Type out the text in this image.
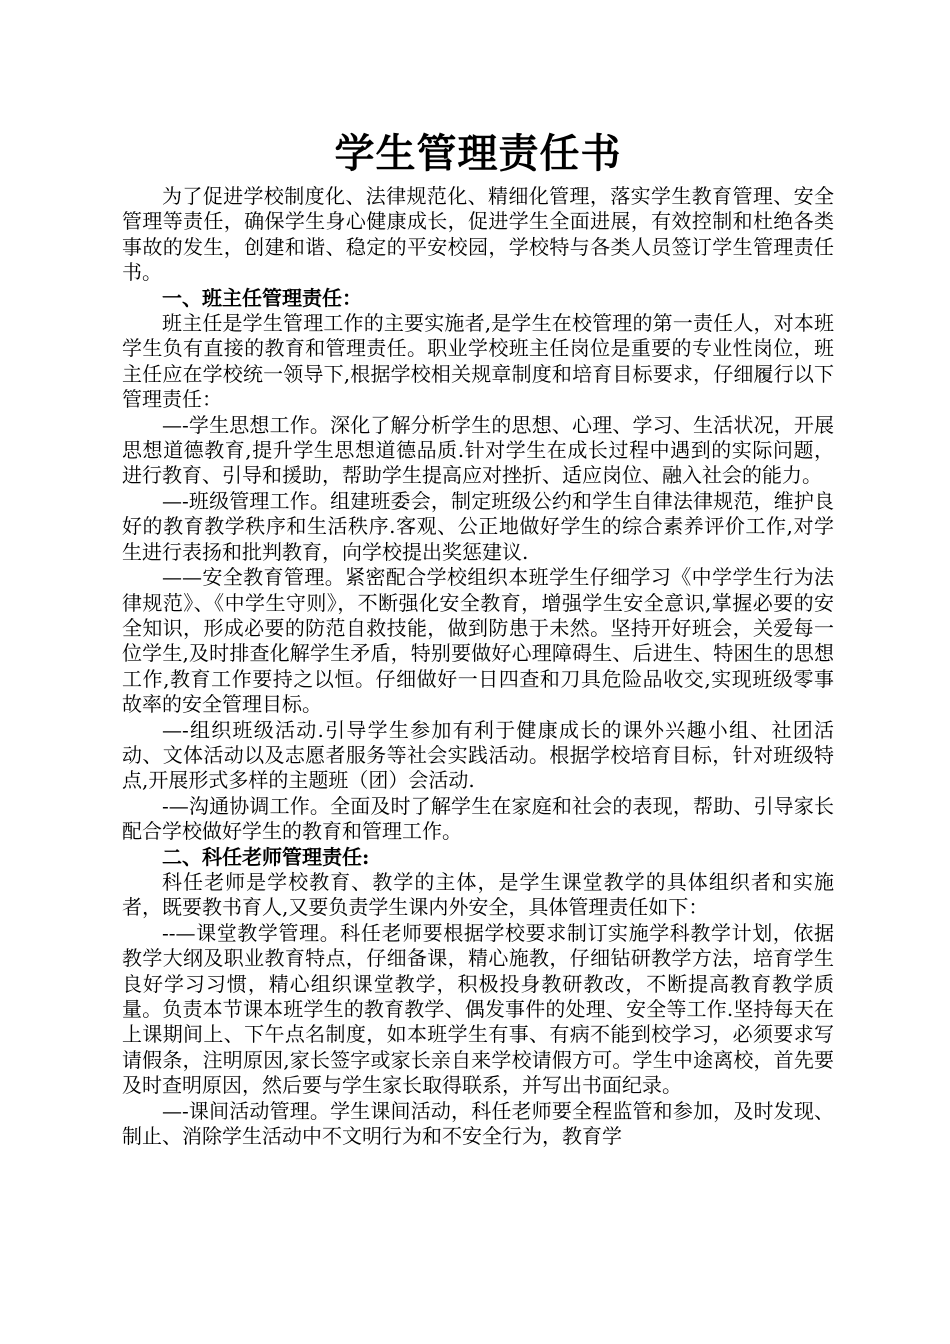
学生管理责任书

为了促进学校制度化、法律规范化、精细化管理，落实学生教育管理、安全管理等责任，确保学生身心健康成长，促进学生全面进展，有效控制和杜绝各类事故的发生，创建和谐、稳定的平安校园，学校特与各类人员签订学生管理责任书。

一、班主任管理责任：

班主任是学生管理工作的主要实施者,是学生在校管理的第一责任人，对本班学生负有直接的教育和管理责任。职业学校班主任岗位是重要的专业性岗位，班主任应在学校统一领导下,根据学校相关规章制度和培育目标要求，仔细履行以下管理责任：

—-学生思想工作。深化了解分析学生的思想、心理、学习、生活状况，开展思想道德教育,提升学生思想道德品质.针对学生在成长过程中遇到的实际问题，进行教育、引导和援助，帮助学生提高应对挫折、适应岗位、融入社会的能力。

—-班级管理工作。组建班委会，制定班级公约和学生自律法律规范，维护良好的教育教学秩序和生活秩序.客观、公正地做好学生的综合素养评价工作,对学生进行表扬和批判教育，向学校提出奖惩建议.

——安全教育管理。紧密配合学校组织本班学生仔细学习《中学学生行为法律规范》、《中学生守则》，不断强化安全教育，增强学生安全意识,掌握必要的安全知识，形成必要的防范自救技能，做到防患于未然。坚持开好班会，关爱每一位学生,及时排查化解学生矛盾，特别要做好心理障碍生、后进生、特困生的思想工作,教育工作要持之以恒。仔细做好一日四查和刀具危险品收交,实现班级零事故率的安全管理目标。

—-组织班级活动.引导学生参加有利于健康成长的课外兴趣小组、社团活动、文体活动以及志愿者服务等社会实践活动。根据学校培育目标，针对班级特点,开展形式多样的主题班（团）会活动.

-—沟通协调工作。全面及时了解学生在家庭和社会的表现，帮助、引导家长配合学校做好学生的教育和管理工作。

二、科任老师管理责任:

科任老师是学校教育、教学的主体，是学生课堂教学的具体组织者和实施者，既要教书育人,又要负责学生课内外安全，具体管理责任如下：

--—课堂教学管理。科任老师要根据学校要求制订实施学科教学计划，依据教学大纲及职业教育特点，仔细备课，精心施教，仔细钻研教学方法，培育学生良好学习习惯，精心组织课堂教学，积极投身教研教改，不断提高教育教学质量。负责本节课本班学生的教育教学、偶发事件的处理、安全等工作.坚持每天在上课期间上、下午点名制度，如本班学生有事、有病不能到校学习，必须要求写请假条，注明原因,家长签字或家长亲自来学校请假方可。学生中途离校，首先要及时查明原因，然后要与学生家长取得联系，并写出书面纪录。

—-课间活动管理。学生课间活动，科任老师要全程监管和参加，及时发现、制止、消除学生活动中不文明行为和不安全行为，教育学
